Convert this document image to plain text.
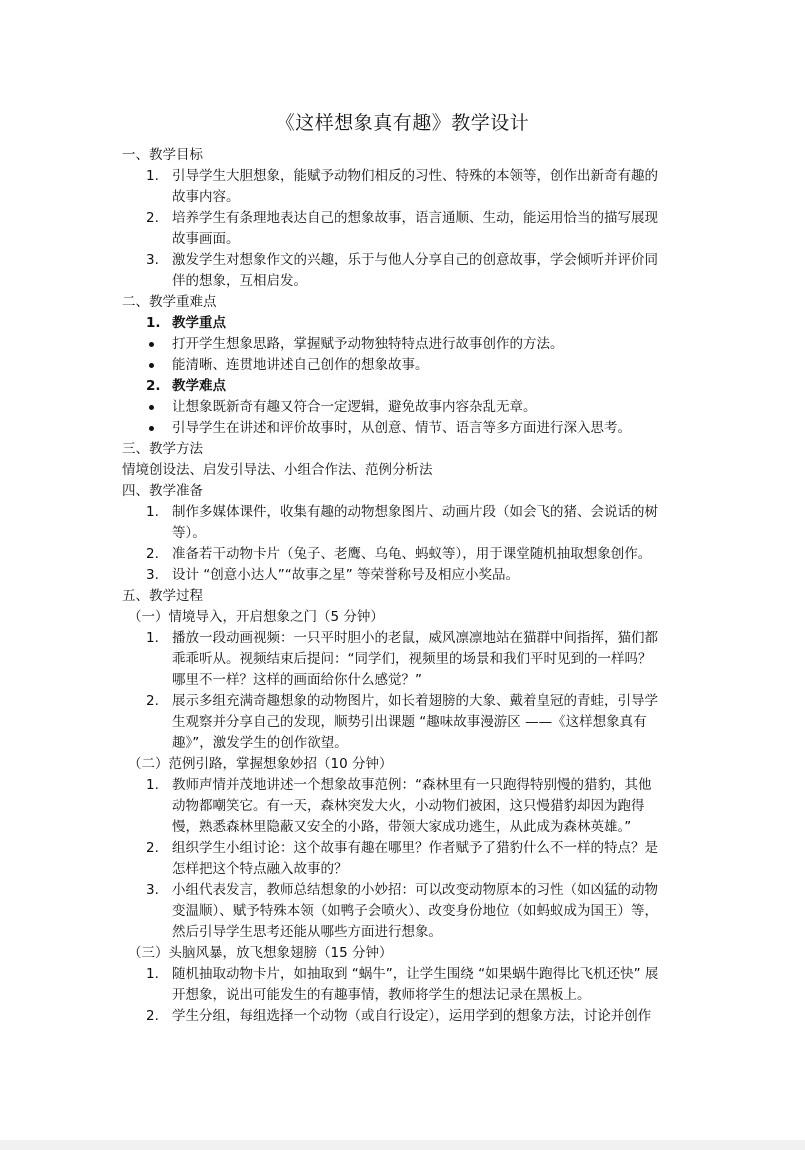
《这样想象真有趣》教学设计
一、教学目标
1. 引导学生大胆想象，能赋予动物们相反的习性、特殊的本领等，创作出新奇有趣的
故事内容。
2. 培养学生有条理地表达自己的想象故事，语言通顺、生动，能运用恰当的描写展现
故事画面。
3. 激发学生对想象作文的兴趣，乐于与他人分享自己的创意故事，学会倾听并评价同
伴的想象，互相启发。
二、教学重难点
1. 教学重点
打开学生想象思路，掌握赋予动物独特特点进行故事创作的方法。
能清晰、连贯地讲述自己创作的想象故事。
2. 教学难点
让想象既新奇有趣又符合一定逻辑，避免故事内容杂乱无章。
引导学生在讲述和评价故事时，从创意、情节、语言等多方面进行深入思考。
三、教学方法
情境创设法、启发引导法、小组合作法、范例分析法
四、教学准备
1. 制作多媒体课件，收集有趣的动物想象图片、动画片段（如会飞的猪、会说话的树
等）。
2. 准备若干动物卡片（兔子、老鹰、乌龟、蚂蚁等），用于课堂随机抽取想象创作。
3. 设计 “创意小达人”“故事之星” 等荣誉称号及相应小奖品。
五、教学过程
（一）情境导入，开启想象之门（5 分钟）
1. 播放一段动画视频：一只平时胆小的老鼠，威风凛凛地站在猫群中间指挥，猫们都
乖乖听从。视频结束后提问：“同学们，视频里的场景和我们平时见到的一样吗？
哪里不一样？这样的画面给你什么感觉？”
2. 展示多组充满奇趣想象的动物图片，如长着翅膀的大象、戴着皇冠的青蛙，引导学
生观察并分享自己的发现，顺势引出课题 “趣味故事漫游区 ——《这样想象真有
趣》”，激发学生的创作欲望。
（二）范例引路，掌握想象妙招（10 分钟）
1. 教师声情并茂地讲述一个想象故事范例：“森林里有一只跑得特别慢的猎豹，其他
动物都嘲笑它。有一天，森林突发大火，小动物们被困，这只慢猎豹却因为跑得
慢，熟悉森林里隐蔽又安全的小路，带领大家成功逃生，从此成为森林英雄。”
2. 组织学生小组讨论：这个故事有趣在哪里？作者赋予了猎豹什么不一样的特点？是
怎样把这个特点融入故事的？
3. 小组代表发言，教师总结想象的小妙招：可以改变动物原本的习性（如凶猛的动物
变温顺）、赋予特殊本领（如鸭子会喷火）、改变身份地位（如蚂蚁成为国王）等，
然后引导学生思考还能从哪些方面进行想象。
（三）头脑风暴，放飞想象翅膀（15 分钟）
1. 随机抽取动物卡片，如抽取到 “蜗牛”，让学生围绕 “如果蜗牛跑得比飞机还快” 展
开想象，说出可能发生的有趣事情，教师将学生的想法记录在黑板上。
2. 学生分组，每组选择一个动物（或自行设定），运用学到的想象方法，讨论并创作
